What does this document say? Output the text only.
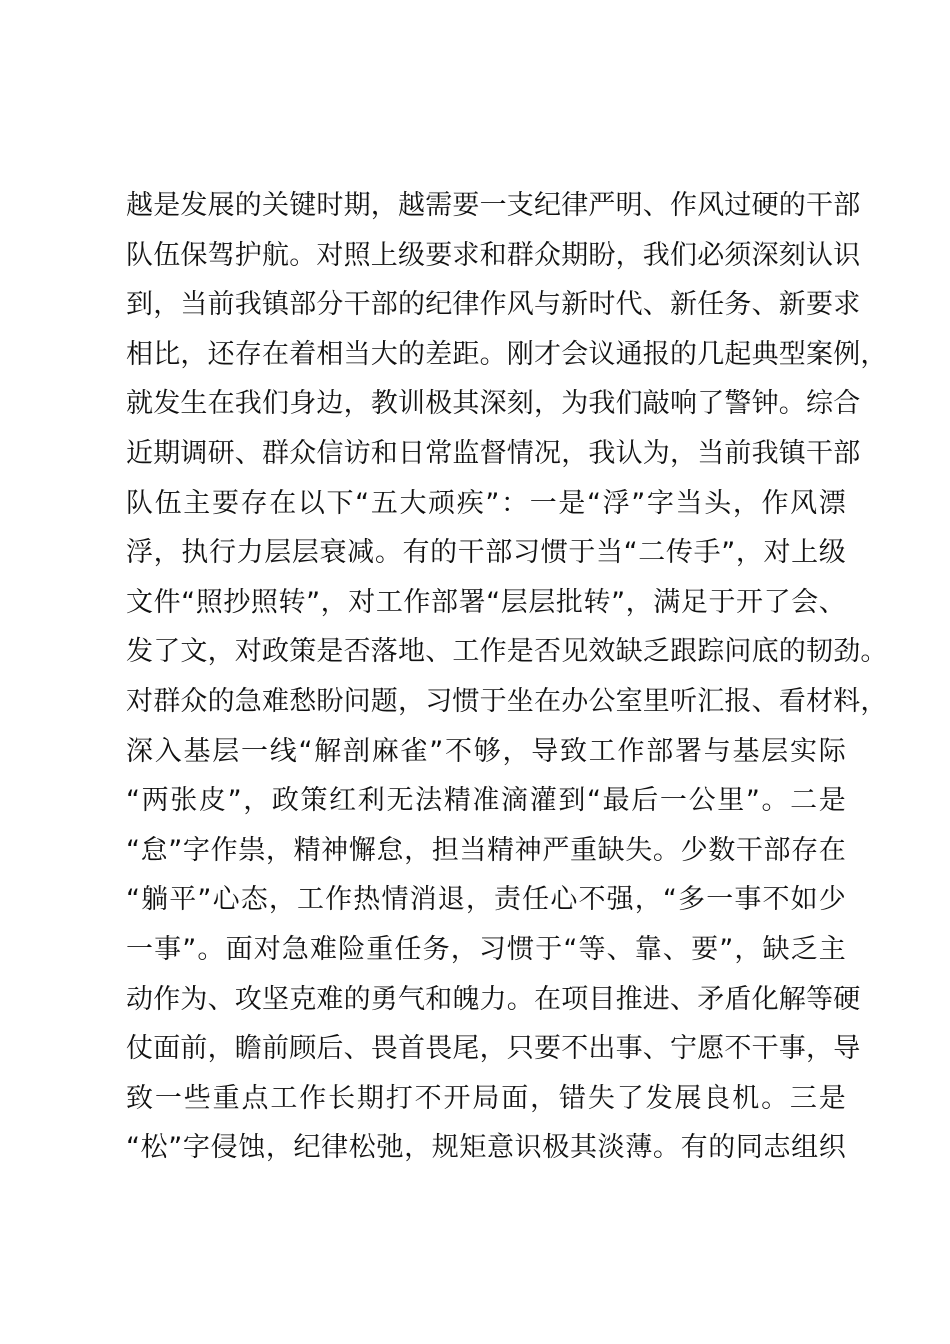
越是发展的关键时期，越需要一支纪律严明、作风过硬的干部
队伍保驾护航。对照上级要求和群众期盼，我们必须深刻认识
到，当前我镇部分干部的纪律作风与新时代、新任务、新要求
相比，还存在着相当大的差距。刚才会议通报的几起典型案例，
就发生在我们身边，教训极其深刻，为我们敲响了警钟。综合
近期调研、群众信访和日常监督情况，我认为，当前我镇干部
队伍主要存在以下“五大顽疾”：一是“浮”字当头，作风漂
浮，执行力层层衰减。有的干部习惯于当“二传手”，对上级
文件“照抄照转”，对工作部署“层层批转”，满足于开了会、
发了文，对政策是否落地、工作是否见效缺乏跟踪问底的韧劲。
对群众的急难愁盼问题，习惯于坐在办公室里听汇报、看材料，
深入基层一线“解剖麻雀”不够，导致工作部署与基层实际
“两张皮”，政策红利无法精准滴灌到“最后一公里”。二是
“怠”字作祟，精神懈怠，担当精神严重缺失。少数干部存在
“躺平”心态，工作热情消退，责任心不强，“多一事不如少
一事”。面对急难险重任务，习惯于“等、靠、要”，缺乏主
动作为、攻坚克难的勇气和魄力。在项目推进、矛盾化解等硬
仗面前，瞻前顾后、畏首畏尾，只要不出事、宁愿不干事，导
致一些重点工作长期打不开局面，错失了发展良机。三是
“松”字侵蚀，纪律松弛，规矩意识极其淡薄。有的同志组织
